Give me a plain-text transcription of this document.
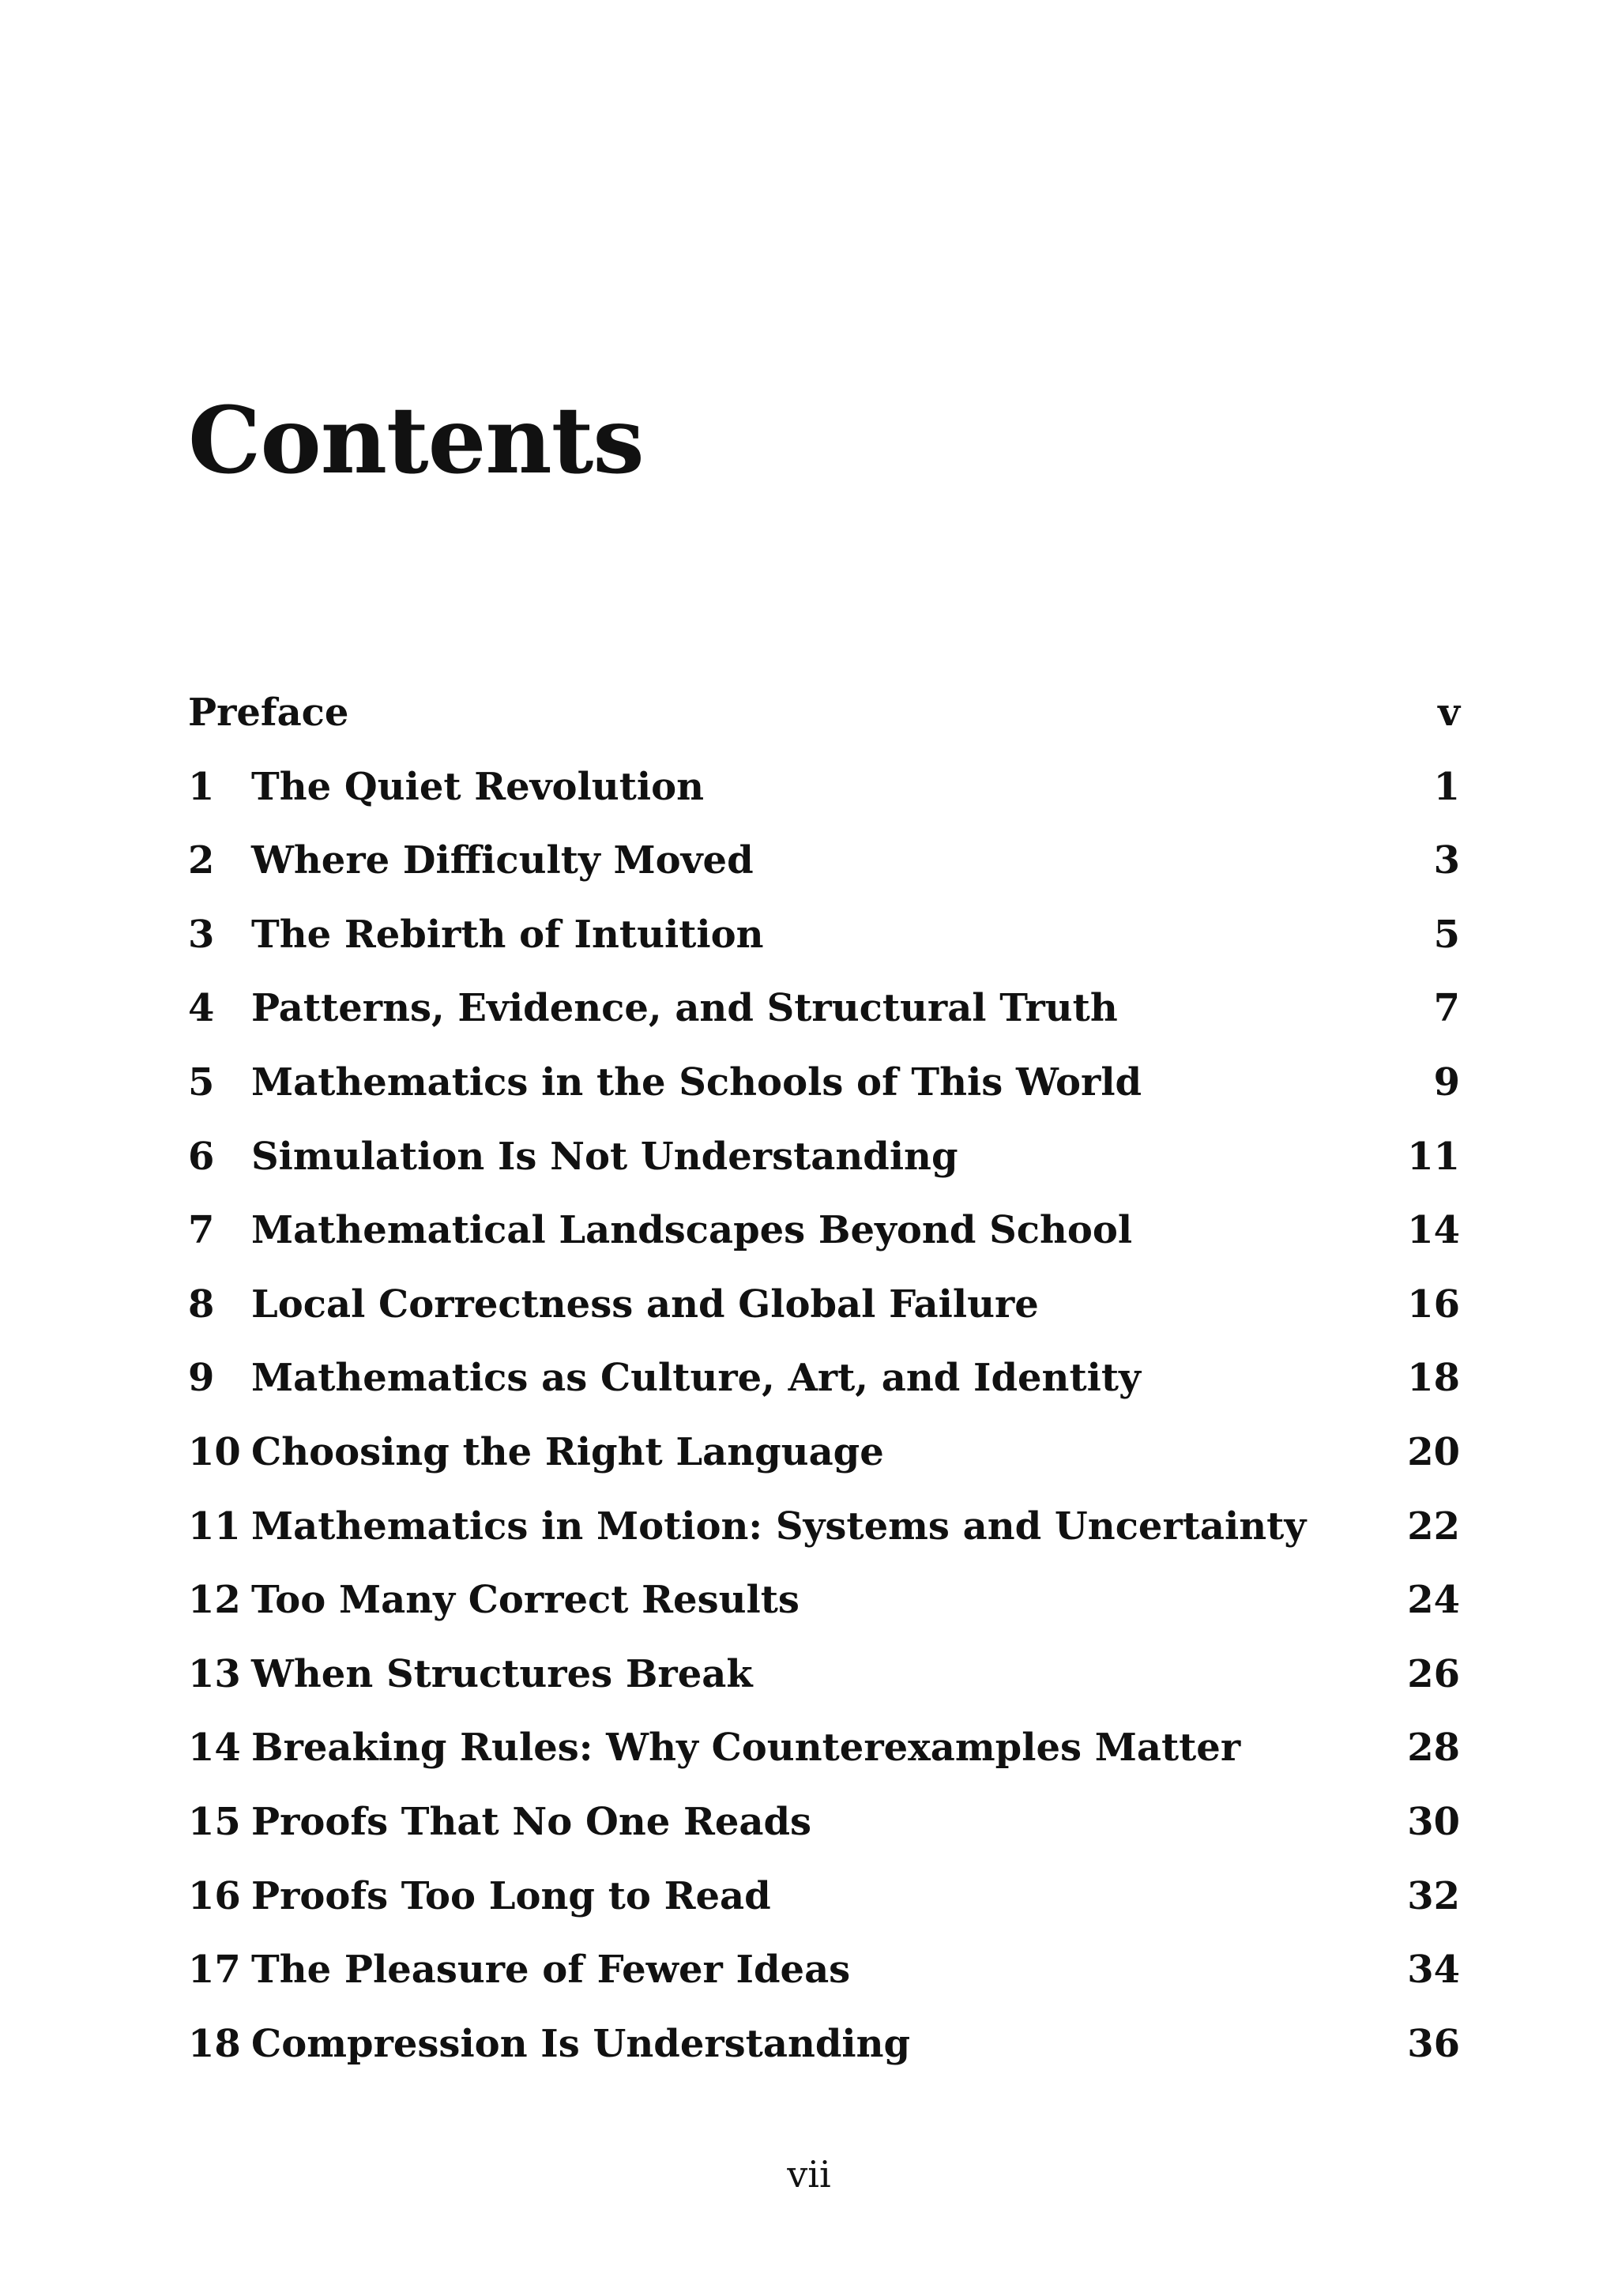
Contents
Preface	v
1 The Quiet Revolution	1
2 Where Difficulty Moved	3
3 The Rebirth of Intuition	5
4 Patterns, Evidence, and Structural Truth	7
5 Mathematics in the Schools of This World	9
6 Simulation Is Not Understanding	11
7 Mathematical Landscapes Beyond School	14
8 Local Correctness and Global Failure	16
9 Mathematics as Culture, Art, and Identity	18
10 Choosing the Right Language	20
11 Mathematics in Motion: Systems and Uncertainty	22
12 Too Many Correct Results	24
13 When Structures Break	26
14 Breaking Rules: Why Counterexamples Matter	28
15 Proofs That No One Reads	30
16 Proofs Too Long to Read	32
17 The Pleasure of Fewer Ideas	34
18 Compression Is Understanding	36
vii
